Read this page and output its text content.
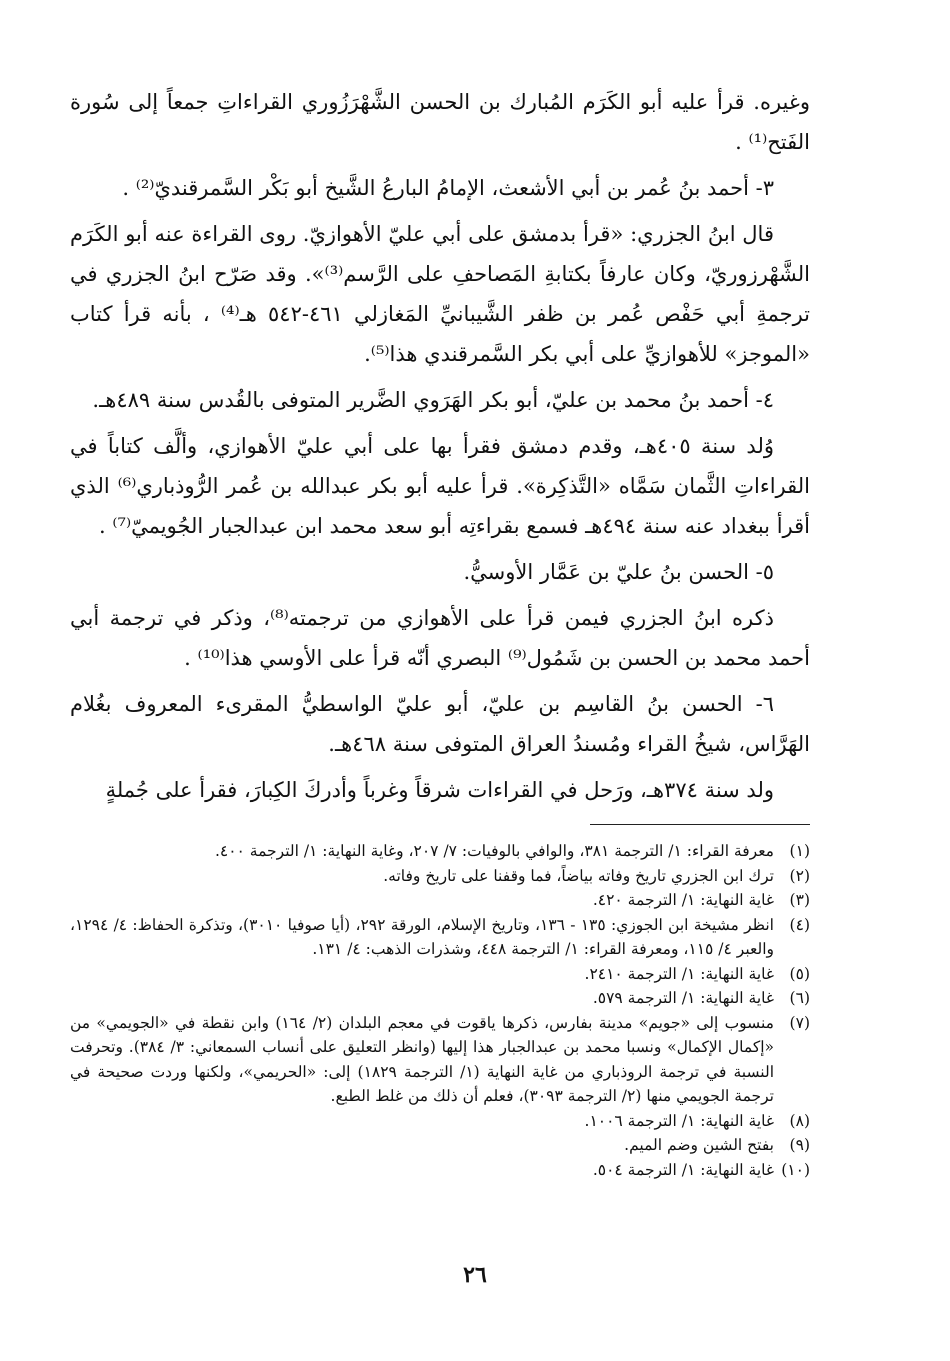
وغيره. قرأ عليه أبو الكَرَم المُبارك بن الحسن الشَّهْرَزُوري القراءاتِ جمعاً إلى سُورة الفَتح⁽¹⁾ .

٣- أحمد بنُ عُمر بن أبي الأشعث، الإمامُ البارعُ الشَّيخ أبو بَكْر السَّمرقنديّ⁽²⁾ .

قال ابنُ الجزري: «قرأ بدمشق على أبي عليّ الأهوازيّ. روى القراءة عنه أبو الكَرَم الشَّهْرزوريّ، وكان عارفاً بكتابةِ المَصاحفِ على الرَّسم⁽³⁾». وقد صَرّح ابنُ الجزري في ترجمةِ أبي حَفْص عُمر بن ظفر الشَّيبانيِّ المَغازلي ٤٦١-٥٤٢ هـ⁽⁴⁾ ، بأنه قرأ كتاب «الموجز» للأهوازيِّ على أبي بكر السَّمرقندي هذا⁽⁵⁾.

٤- أحمد بنُ محمد بن عليّ، أبو بكر الهَرَوي الضَّرير المتوفى بالقُدس سنة ٤٨٩هـ.

وُلد سنة ٤٠٥هـ، وقدم دمشق فقرأ بها على أبي عليّ الأهوازي، وألَّف كتاباً في القراءاتِ الثَّمان سَمَّاه «التَّذكِرة». قرأ عليه أبو بكر عبدالله بن عُمر الرُّوذباري⁽⁶⁾ الذي أقرأ ببغداد عنه سنة ٤٩٤هـ فسمع بقراءتِه أبو سعد محمد ابن عبدالجبار الجُويميّ⁽⁷⁾ .

٥- الحسن بنُ عليّ بن عَمَّار الأوسيُّ.

ذكره ابنُ الجزري فيمن قرأ على الأهوازي من ترجمته⁽⁸⁾، وذكر في ترجمة أبي أحمد محمد بن الحسن بن شَمُول⁽⁹⁾ البصري أنّه قرأ على الأوسي هذا⁽¹⁰⁾ .

٦- الحسن بنُ القاسِم بن عليّ، أبو عليّ الواسطيُّ المقرىء المعروف بغُلام الهَرَّاس، شيخُ القراء ومُسندُ العراق المتوفى سنة ٤٦٨هـ.

ولد سنة ٣٧٤هـ، ورَحل في القراءات شرقاً وغرباً وأدركَ الكِبارَ، فقرأ على جُملةٍ

(١)
معرفة القراء: ١/ الترجمة ٣٨١، والوافي بالوفيات: ٧/ ٢٠٧، وغاية النهاية: ١/ الترجمة ٤٠٠.
(٢)
ترك ابن الجزري تاريخ وفاته بياضاً، فما وقفنا على تاريخ وفاته.
(٣)
غاية النهاية: ١/ الترجمة ٤٢٠.
(٤)
انظر مشيخة ابن الجوزي: ١٣٥ - ١٣٦، وتاريخ الإسلام، الورقة ٢٩٢، (أيا صوفيا ٣٠١٠)، وتذكرة الحفاظ: ٤/ ١٢٩٤، والعبر ٤/ ١١٥، ومعرفة القراء: ١/ الترجمة ٤٤٨، وشذرات الذهب: ٤/ ١٣١.
(٥)
غاية النهاية: ١/ الترجمة ٢٤١٠.
(٦)
غاية النهاية: ١/ الترجمة ٥٧٩.
(٧)
منسوب إلى «جويم» مدينة بفارس، ذكرها ياقوت في معجم البلدان (٢/ ١٦٤) وابن نقطة في «الجويمي» من «إكمال الإكمال» ونسبا محمد بن عبدالجبار هذا إليها (وانظر التعليق على أنساب السمعاني: ٣/ ٣٨٤). وتحرفت النسبة في ترجمة الروذباري من غاية النهاية (١/ الترجمة ١٨٢٩) إلى: «الحريمي»، ولكنها وردت صحيحة في ترجمة الجويمي منها (٢/ الترجمة ٣٠٩٣)، فعلم أن ذلك من غلط الطبع.
(٨)
غاية النهاية: ١/ الترجمة ١٠٠٦.
(٩)
بفتح الشين وضم الميم.
(١٠)
غاية النهاية: ١/ الترجمة ٥٠٤.
٢٦
